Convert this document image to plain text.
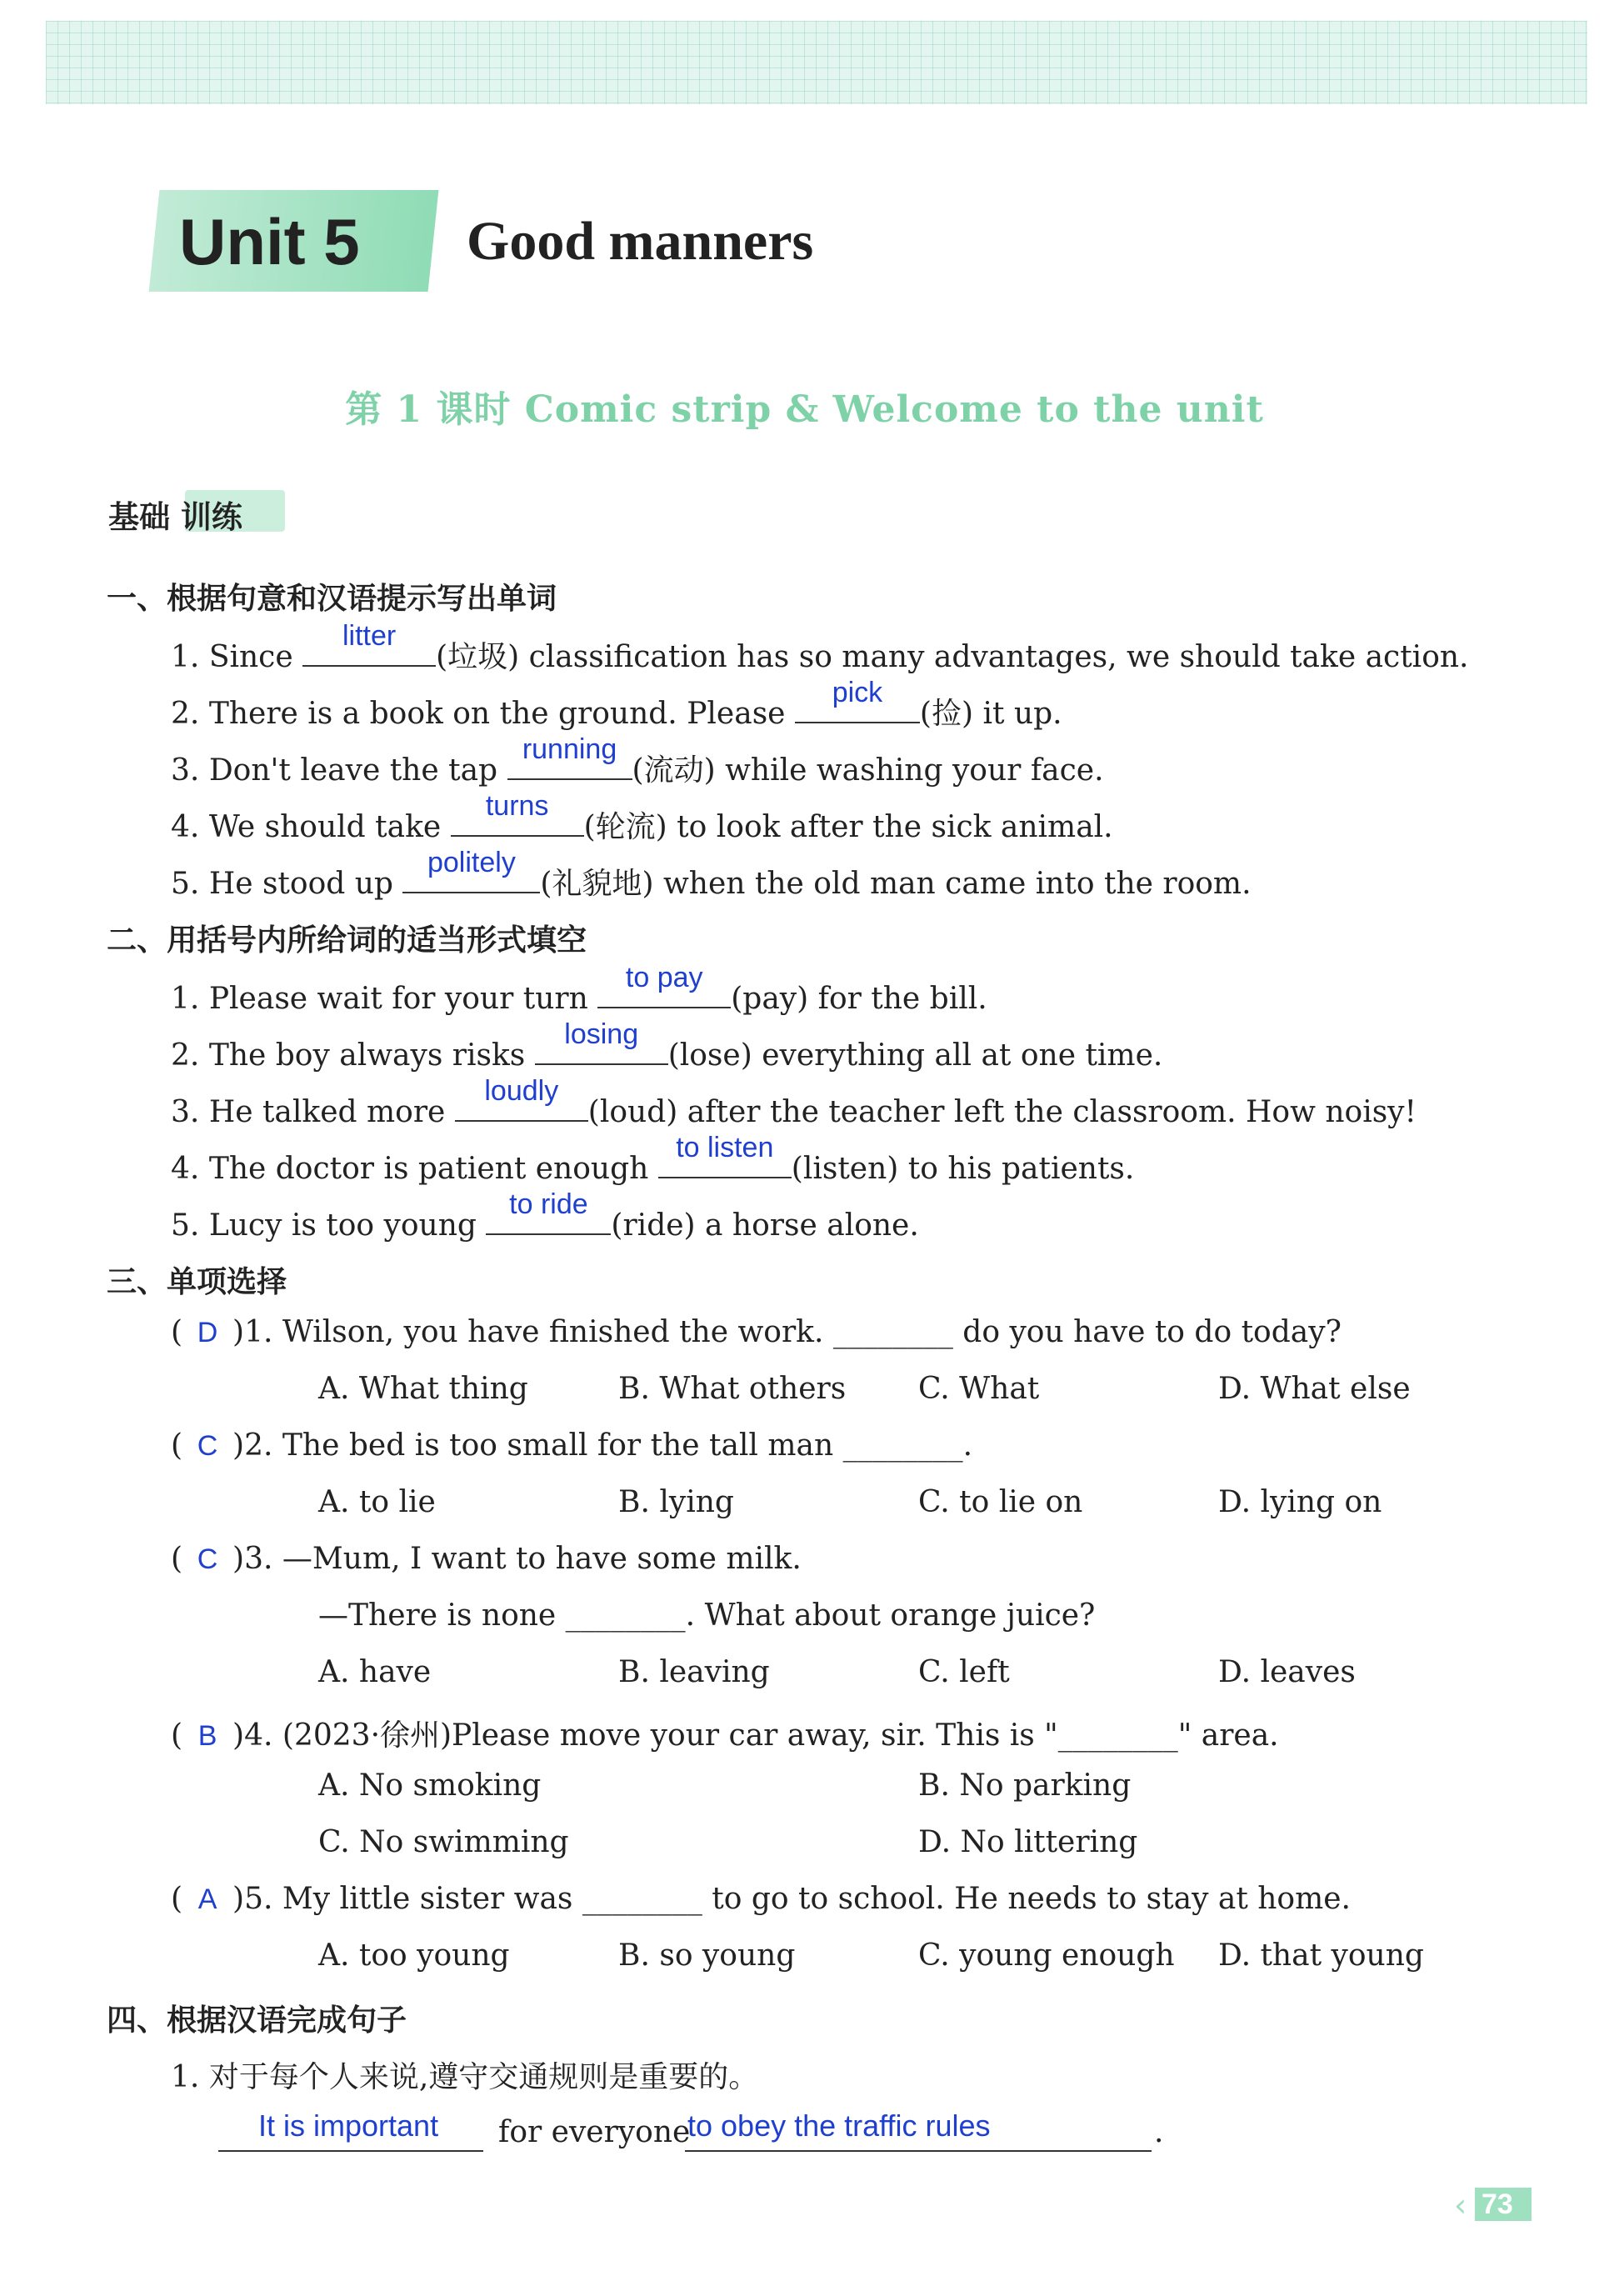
Unit 5 Good manners
第 1 课时 Comic strip & Welcome to the unit
基础 训练
一、根据句意和汉语提示写出单词
1. Since
litter
(垃圾) classification has so many advantages, we should take action.
2. There is a book on the ground. Please
pick
(捡) it up.
3. Don't leave the tap
running
(流动) while washing your face.
4. We should take
turns
(轮流) to look after the sick animal.
5. He stood up
politely
(礼貌地) when the old man came into the room.
二、用括号内所给词的适当形式填空
1. Please wait for your turn
to pay
(pay) for the bill.
2. The boy always risks
losing
(lose) everything all at one time.
3. He talked more
loudly
(loud) after the teacher left the classroom. How noisy!
4. The doctor is patient enough
to listen
(listen) to his patients.
5. Lucy is too young
to ride
(ride) a horse alone.
三、单项选择
( D )1. Wilson, you have finished the work. ________ do you have to do today?
A. What thing	B. What others C. What	D. What else
( C )2. The bed is too small for the tall man ________.
A. to lie	B. lying	C. to lie on	D. lying on
( C )3. —Mum, I want to have some milk.
—There is none ________. What about orange juice?
A. have	B. leaving	C. left	D. leaves
( B )4. (2023·徐州)Please move your car away, sir. This is "________" area.
A. No smoking	B. No parking
C. No swimming	D. No littering
( A )5. My little sister was ________ to go to school. He needs to stay at home.
A. too young	B. so young	C. young enough D. that young
四、根据汉语完成句子
1. 对于每个人来说,遵守交通规则是重要的。
It is important for everyone
to obey the traffic rules	.
‹ 73
